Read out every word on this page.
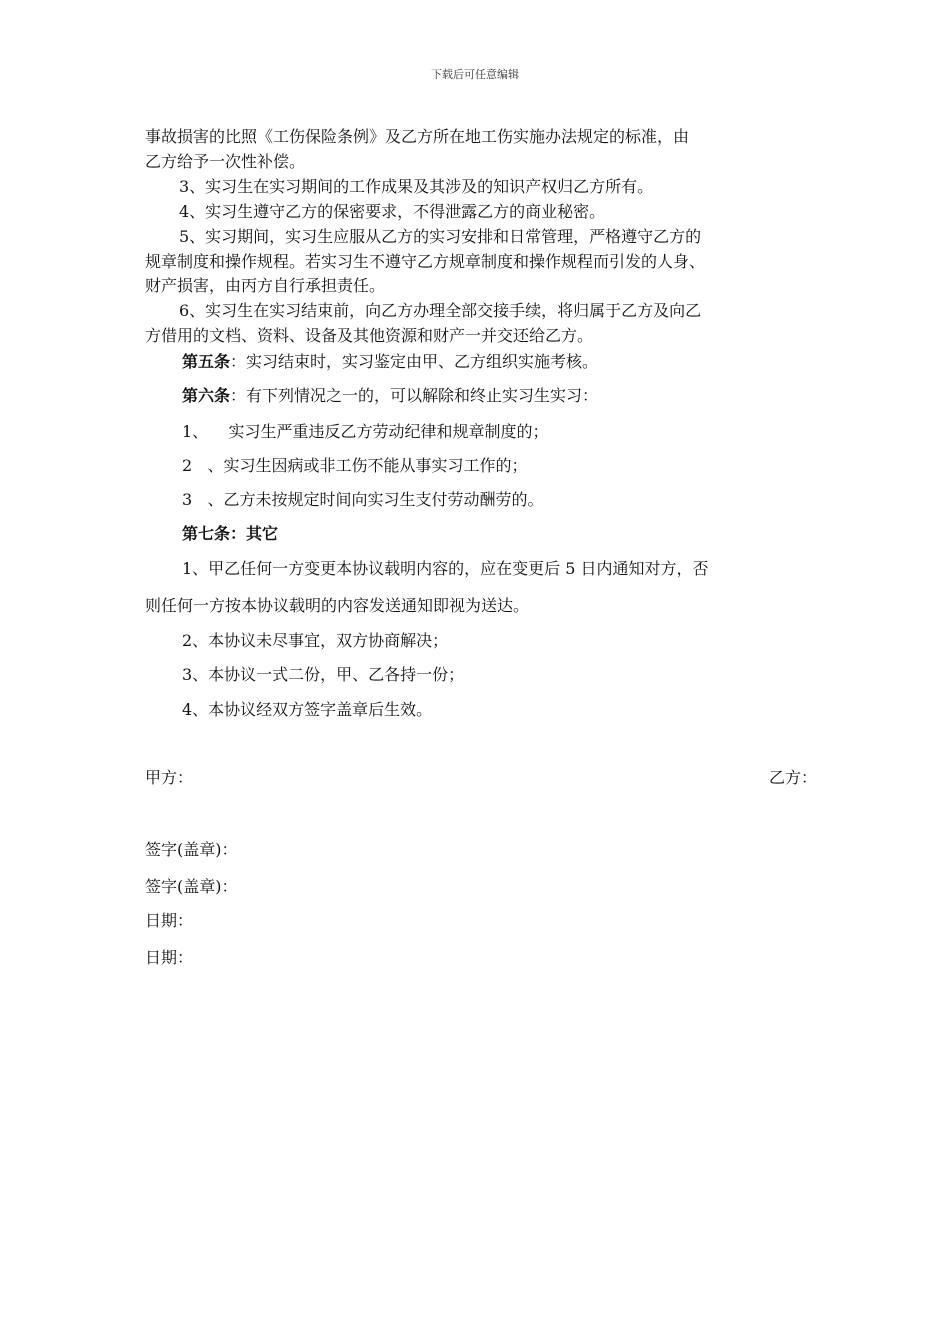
下载后可任意编辑
事故损害的比照《工伤保险条例》及乙方所在地工伤实施办法规定的标准，由
乙方给予一次性补偿。
3、实习生在实习期间的工作成果及其涉及的知识产权归乙方所有。
4、实习生遵守乙方的保密要求，不得泄露乙方的商业秘密。
5、实习期间，实习生应服从乙方的实习安排和日常管理，严格遵守乙方的
规章制度和操作规程。若实习生不遵守乙方规章制度和操作规程而引发的人身、
财产损害，由丙方自行承担责任。
6、实习生在实习结束前，向乙方办理全部交接手续，将归属于乙方及向乙
方借用的文档、资料、设备及其他资源和财产一并交还给乙方。
第五条：实习结束时，实习鉴定由甲、乙方组织实施考核。
第六条：有下列情况之一的，可以解除和终止实习生实习：
1、    实习生严重违反乙方劳动纪律和规章制度的；
2   、实习生因病或非工伤不能从事实习工作的；
3   、乙方未按规定时间向实习生支付劳动酬劳的。
第七条：其它
1、甲乙任何一方变更本协议载明内容的，应在变更后 5 日内通知对方，否
则任何一方按本协议载明的内容发送通知即视为送达。
2、本协议未尽事宜，双方协商解决；
3、本协议一式二份，甲、乙各持一份；
4、本协议经双方签字盖章后生效。
甲方：	乙方：
签字(盖章)：
签字(盖章)：
日期：
日期：
